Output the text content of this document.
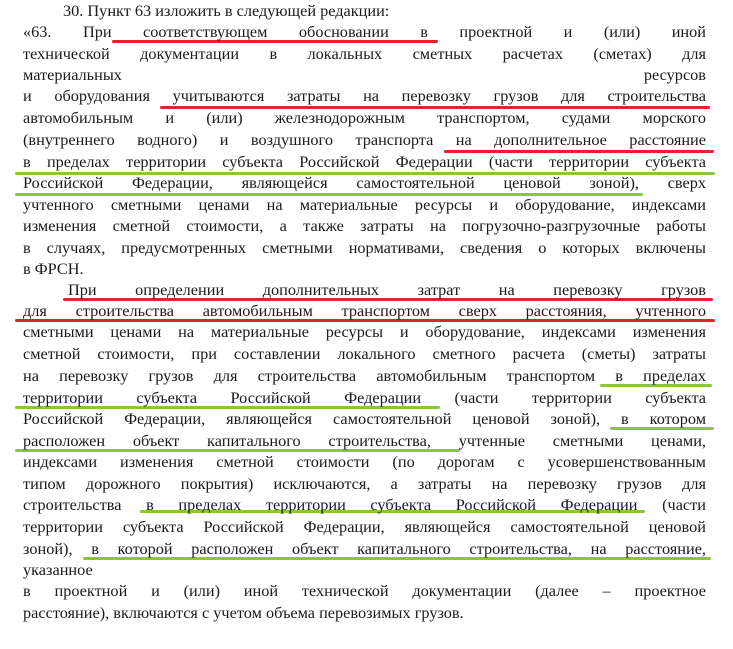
30. Пункт 63 изложить в следующей редакции:
«63. При соответствующем обосновании в проектной и (или) иной
технической документации в локальных сметных расчетах (сметах) для
материальных	ресурсов
и оборудования учитываются затраты на перевозку грузов для строительства
автомобильным и (или) железнодорожным транспортом, судами морского
(внутреннего водного) и воздушного транспорта на дополнительное расстояние
в пределах территории субъекта Российской Федерации (части территории субъекта
Российской Федерации, являющейся самостоятельной ценовой зоной), сверх
учтенного сметными ценами на материальные ресурсы и оборудование, индексами
изменения сметной стоимости, а также затраты на погрузочно-разгрузочные работы
в случаях, предусмотренных сметными нормативами, сведения о которых включены
в ФРСН.
При определении дополнительных затрат на перевозку грузов
для строительства автомобильным транспортом сверх расстояния, учтенного
сметными ценами на материальные ресурсы и оборудование, индексами изменения
сметной стоимости, при составлении локального сметного расчета (сметы) затраты
на перевозку грузов для строительства автомобильным транспортом в пределах
территории субъекта Российской Федерации (части территории субъекта
Российской Федерации, являющейся самостоятельной ценовой зоной), в котором
расположен объект капитального строительства, учтенные сметными ценами,
индексами изменения сметной стоимости (по дорогам с усовершенствованным
типом дорожного покрытия) исключаются, а затраты на перевозку грузов для
строительства в пределах территории субъекта Российской Федерации (части
территории субъекта Российской Федерации, являющейся самостоятельной ценовой
зоной), в которой расположен объект капитального строительства, на расстояние,
указанное
в проектной и (или) иной технической документации (далее – проектное
расстояние), включаются с учетом объема перевозимых грузов.
